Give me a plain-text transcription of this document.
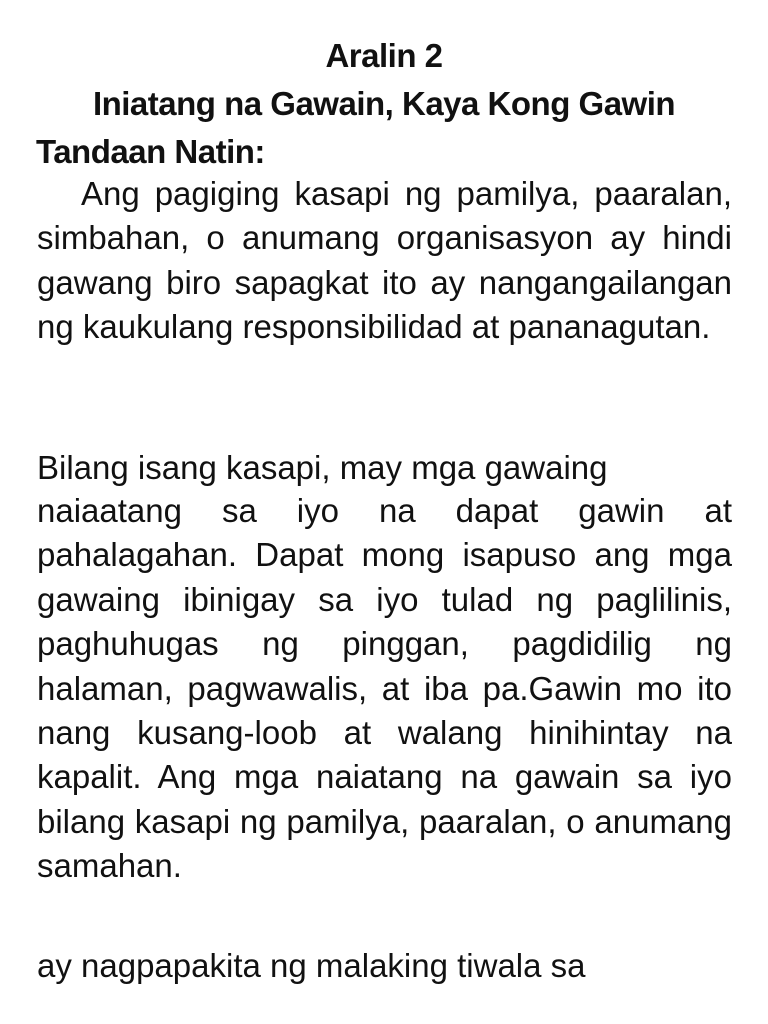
Aralin 2
Iniatang na Gawain, Kaya Kong Gawin
Tandaan Natin:

Ang pagiging kasapi ng pamilya, paaralan, simbahan, o anumang organisasyon ay hindi gawang biro sapagkat ito ay nangangailangan ng kaukulang responsibilidad at pananagutan.

Bilang isang kasapi, may mga gawaing

naiaatang sa iyo na dapat gawin at pahalagahan. Dapat mong isapuso ang mga gawaing ibinigay sa iyo tulad ng paglilinis, paghuhugas ng pinggan, pagdidilig ng halaman, pagwawalis, at iba pa.Gawin mo ito nang kusang-loob at walang hinihintay na kapalit. Ang mga naiatang na gawain sa iyo bilang kasapi ng pamilya, paaralan, o anumang samahan.

ay nagpapakita ng malaking tiwala sa
